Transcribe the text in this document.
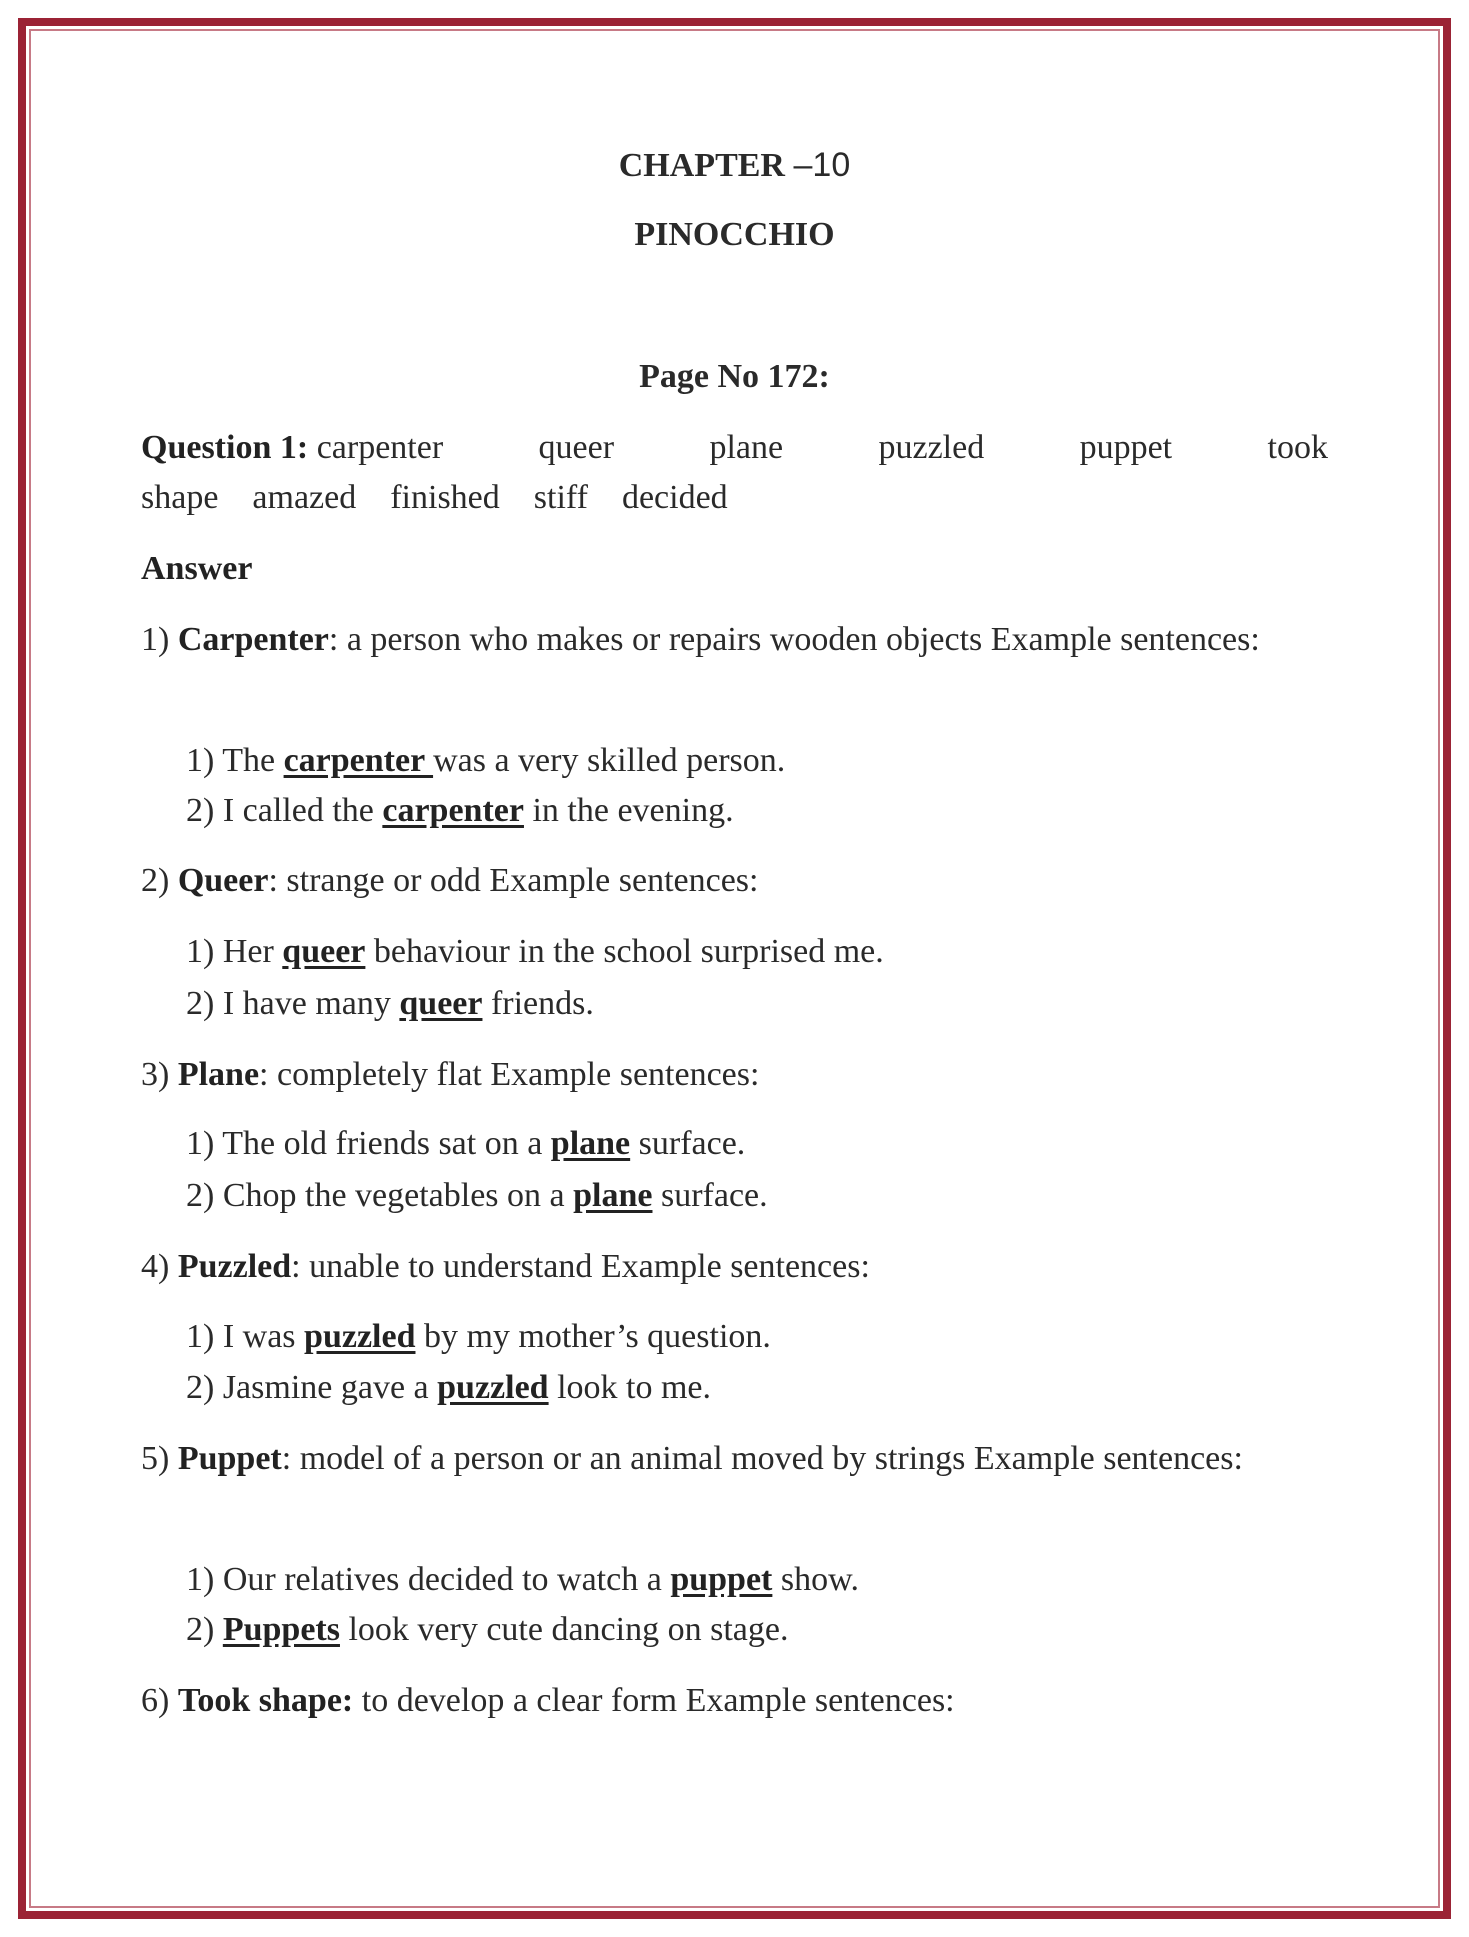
CHAPTER –10
PINOCCHIO
Page No 172:
Question 1: carpenter	queer	plane	puzzled	puppet	took
shape amazed finished stiff decided
Answer
1) Carpenter: a person who makes or repairs wooden objects Example sentences:
1) The carpenter was a very skilled person.
2) I called the carpenter in the evening.
2) Queer: strange or odd Example sentences:
1) Her queer behaviour in the school surprised me.
2) I have many queer friends.
3) Plane: completely flat Example sentences:
1) The old friends sat on a plane surface.
2) Chop the vegetables on a plane surface.
4) Puzzled: unable to understand Example sentences:
1) I was puzzled by my mother’s question.
2) Jasmine gave a puzzled look to me.
5) Puppet: model of a person or an animal moved by strings Example sentences:
1) Our relatives decided to watch a puppet show.
2) Puppets look very cute dancing on stage.
6) Took shape: to develop a clear form Example sentences:
